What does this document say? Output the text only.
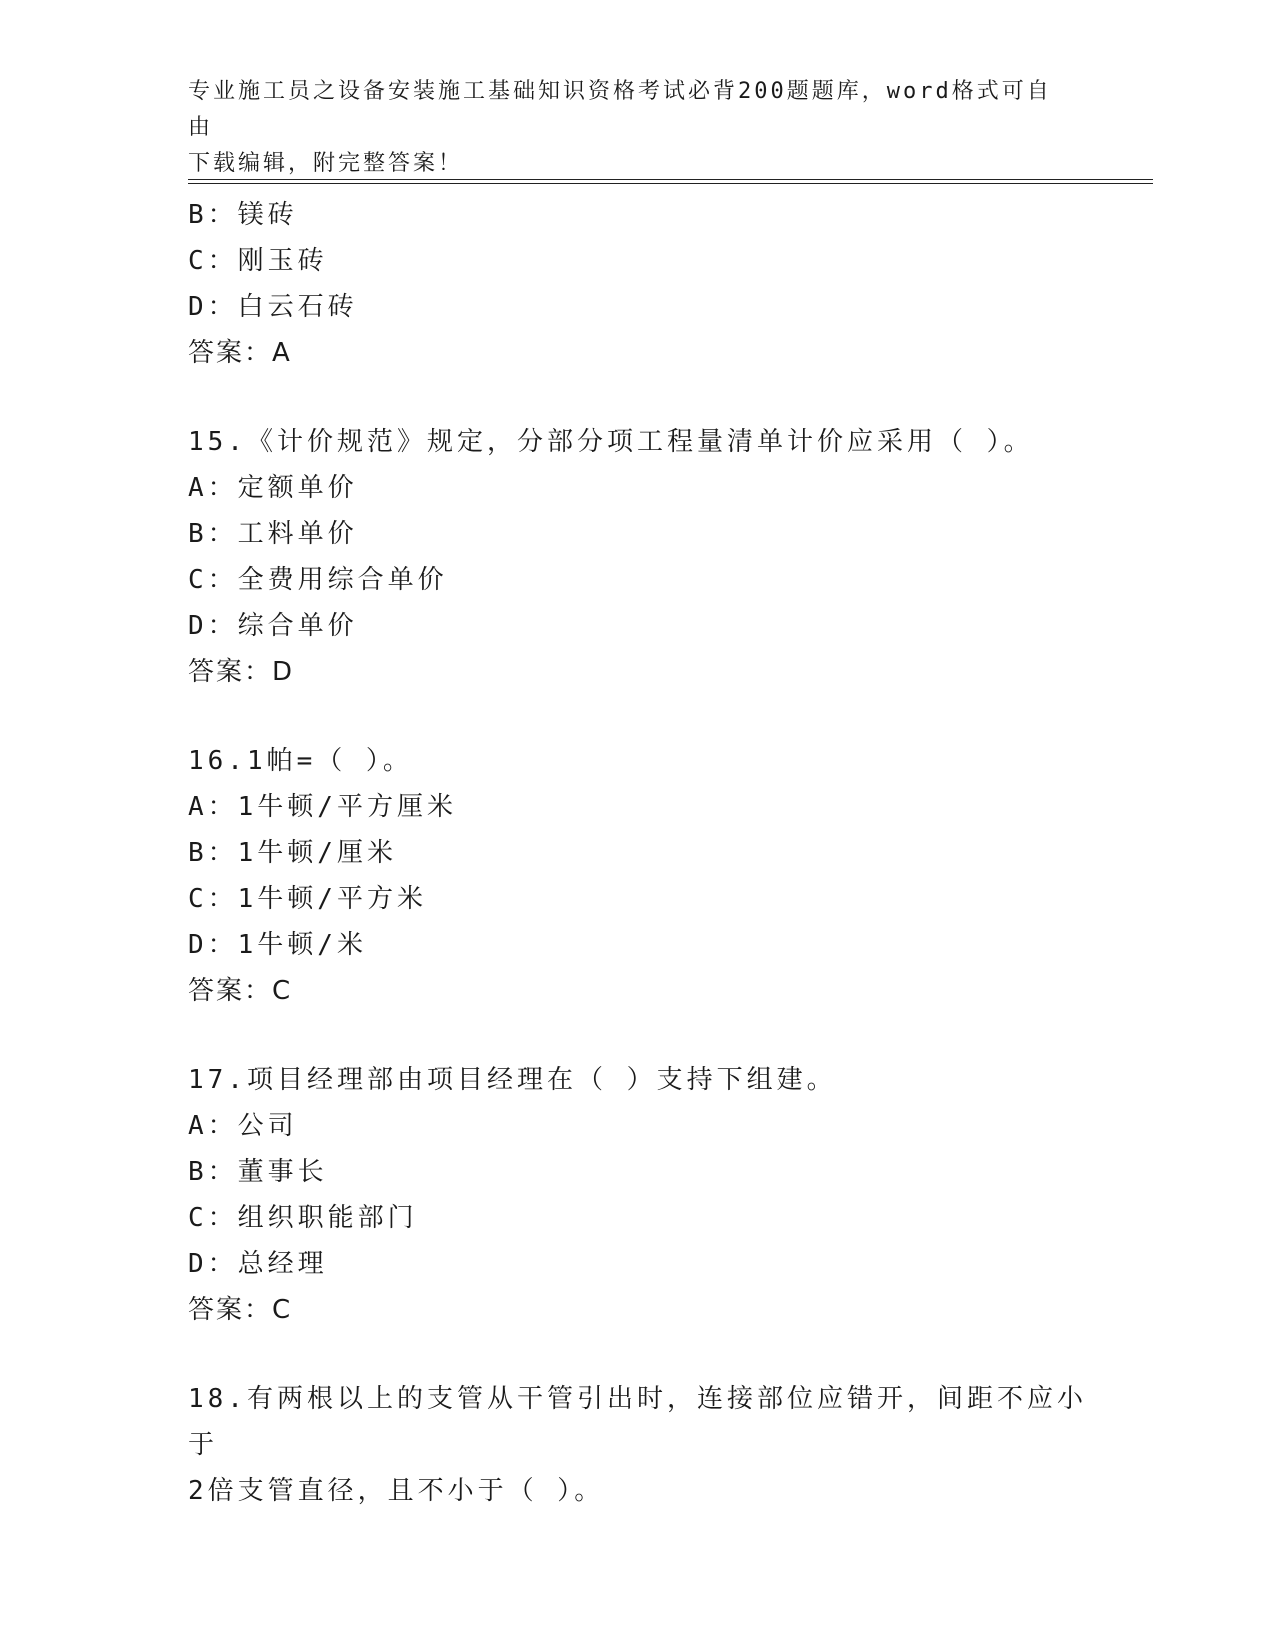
专业施工员之设备安装施工基础知识资格考试必背200题题库，word格式可自由
下载编辑，附完整答案！
B：镁砖
C：刚玉砖
D：白云石砖
答案：A
15.《计价规范》规定，分部分项工程量清单计价应采用（ ）。
A：定额单价
B：工料单价
C：全费用综合单价
D：综合单价
答案：D
16.1帕=（ ）。
A：1牛顿/平方厘米
B：1牛顿/厘米
C：1牛顿/平方米
D：1牛顿/米
答案：C
17.项目经理部由项目经理在（ ）支持下组建。
A：公司
B：董事长
C：组织职能部门
D：总经理
答案：C
18.有两根以上的支管从干管引出时，连接部位应错开，间距不应小于
2倍支管直径，且不小于（ ）。
